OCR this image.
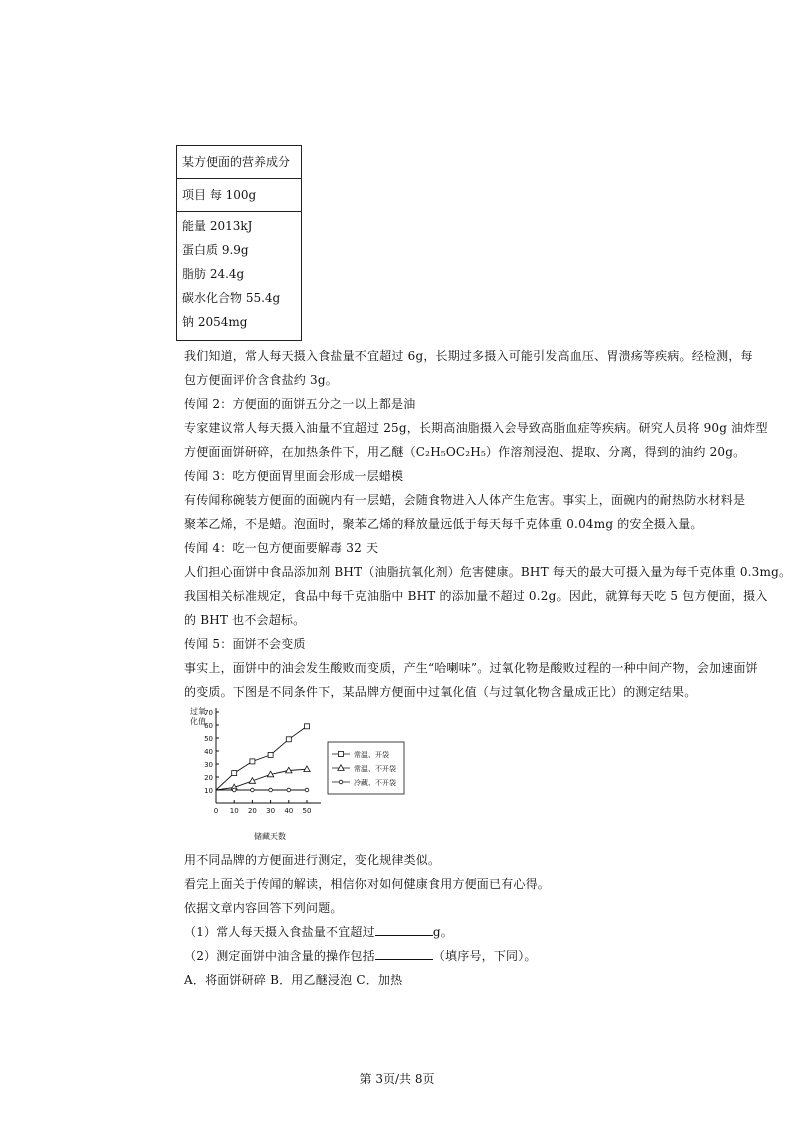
某方便面的营养成分
项目 每 100g
能量 2013kJ
蛋白质 9.9g
脂肪 24.4g
碳水化合物 55.4g
钠 2054mg
我们知道，常人每天摄入食盐量不宜超过 6g，长期过多摄入可能引发高血压、胃溃疡等疾病。经检测，每
包方便面评价含食盐约 3g。
传闻 2：方便面的面饼五分之一以上都是油
专家建议常人每天摄入油量不宜超过 25g，长期高油脂摄入会导致高脂血症等疾病。研究人员将 90g 油炸型
方便面面饼研碎，在加热条件下，用乙醚（C₂H₅OC₂H₅）作溶剂浸泡、提取、分离，得到的油约 20g。
传闻 3：吃方便面胃里面会形成一层蜡模
有传闻称碗装方便面的面碗内有一层蜡，会随食物进入人体产生危害。事实上，面碗内的耐热防水材料是
聚苯乙烯，不是蜡。泡面时，聚苯乙烯的释放量远低于每天每千克体重 0.04mg 的安全摄入量。
传闻 4：吃一包方便面要解毒 32 天
人们担心面饼中食品添加剂 BHT（油脂抗氧化剂）危害健康。BHT 每天的最大可摄入量为每千克体重 0.3mg。
我国相关标准规定，食品中每千克油脂中 BHT 的添加量不超过 0.2g。因此，就算每天吃 5 包方便面，摄入
的 BHT 也不会超标。
传闻 5：面饼不会变质
事实上，面饼中的油会发生酸败而变质，产生“哈喇味”。过氧化物是酸败过程的一种中间产物，会加速面饼
的变质。下图是不同条件下，某品牌方便面中过氧化值（与过氧化物含量成正比）的测定结果。
过氧
储藏天数
化值
10
20
30
40
50
60
70
0 10 20 30 40 50
常温、开袋
常温、不开袋
冷藏、不开袋
用不同品牌的方便面进行测定，变化规律类似。
看完上面关于传闻的解读，相信你对如何健康食用方便面已有心得。
依据文章内容回答下列问题。
（1）常人每天摄入食盐量不宜超过	g。
（2）测定面饼中油含量的操作包括	（填序号，下同）。
A．将面饼研碎 B．用乙醚浸泡 C．加热
第 3页/共 8页
